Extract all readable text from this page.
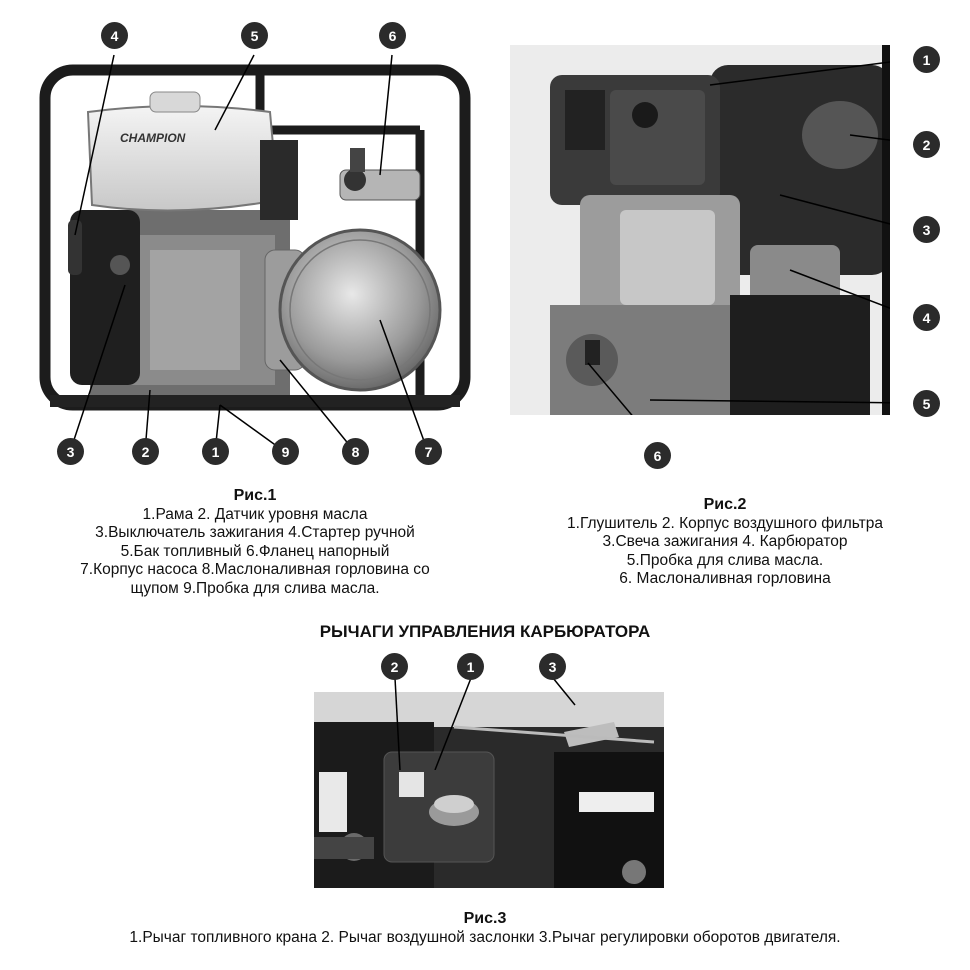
CHAMPION
4	5	6
3	2	1	9	8	7
Рис.1
1.Рама 2. Датчик уровня масла
3.Выключатель зажигания 4.Стартер ручной
5.Бак топливный 6.Фланец напорный
7.Корпус насоса 8.Маслоналивная горловина со
щупом 9.Пробка для слива масла.
1
2
3
4
5
6
Рис.2
1.Глушитель 2. Корпус воздушного фильтра
3.Свеча зажигания 4. Карбюратор
5.Пробка для слива масла.
6. Маслоналивная горловина
РЫЧАГИ УПРАВЛЕНИЯ КАРБЮРАТОРА
2	1	3
Рис.3
1.Рычаг топливного крана 2. Рычаг воздушной заслонки 3.Рычаг регулировки оборотов двигателя.
